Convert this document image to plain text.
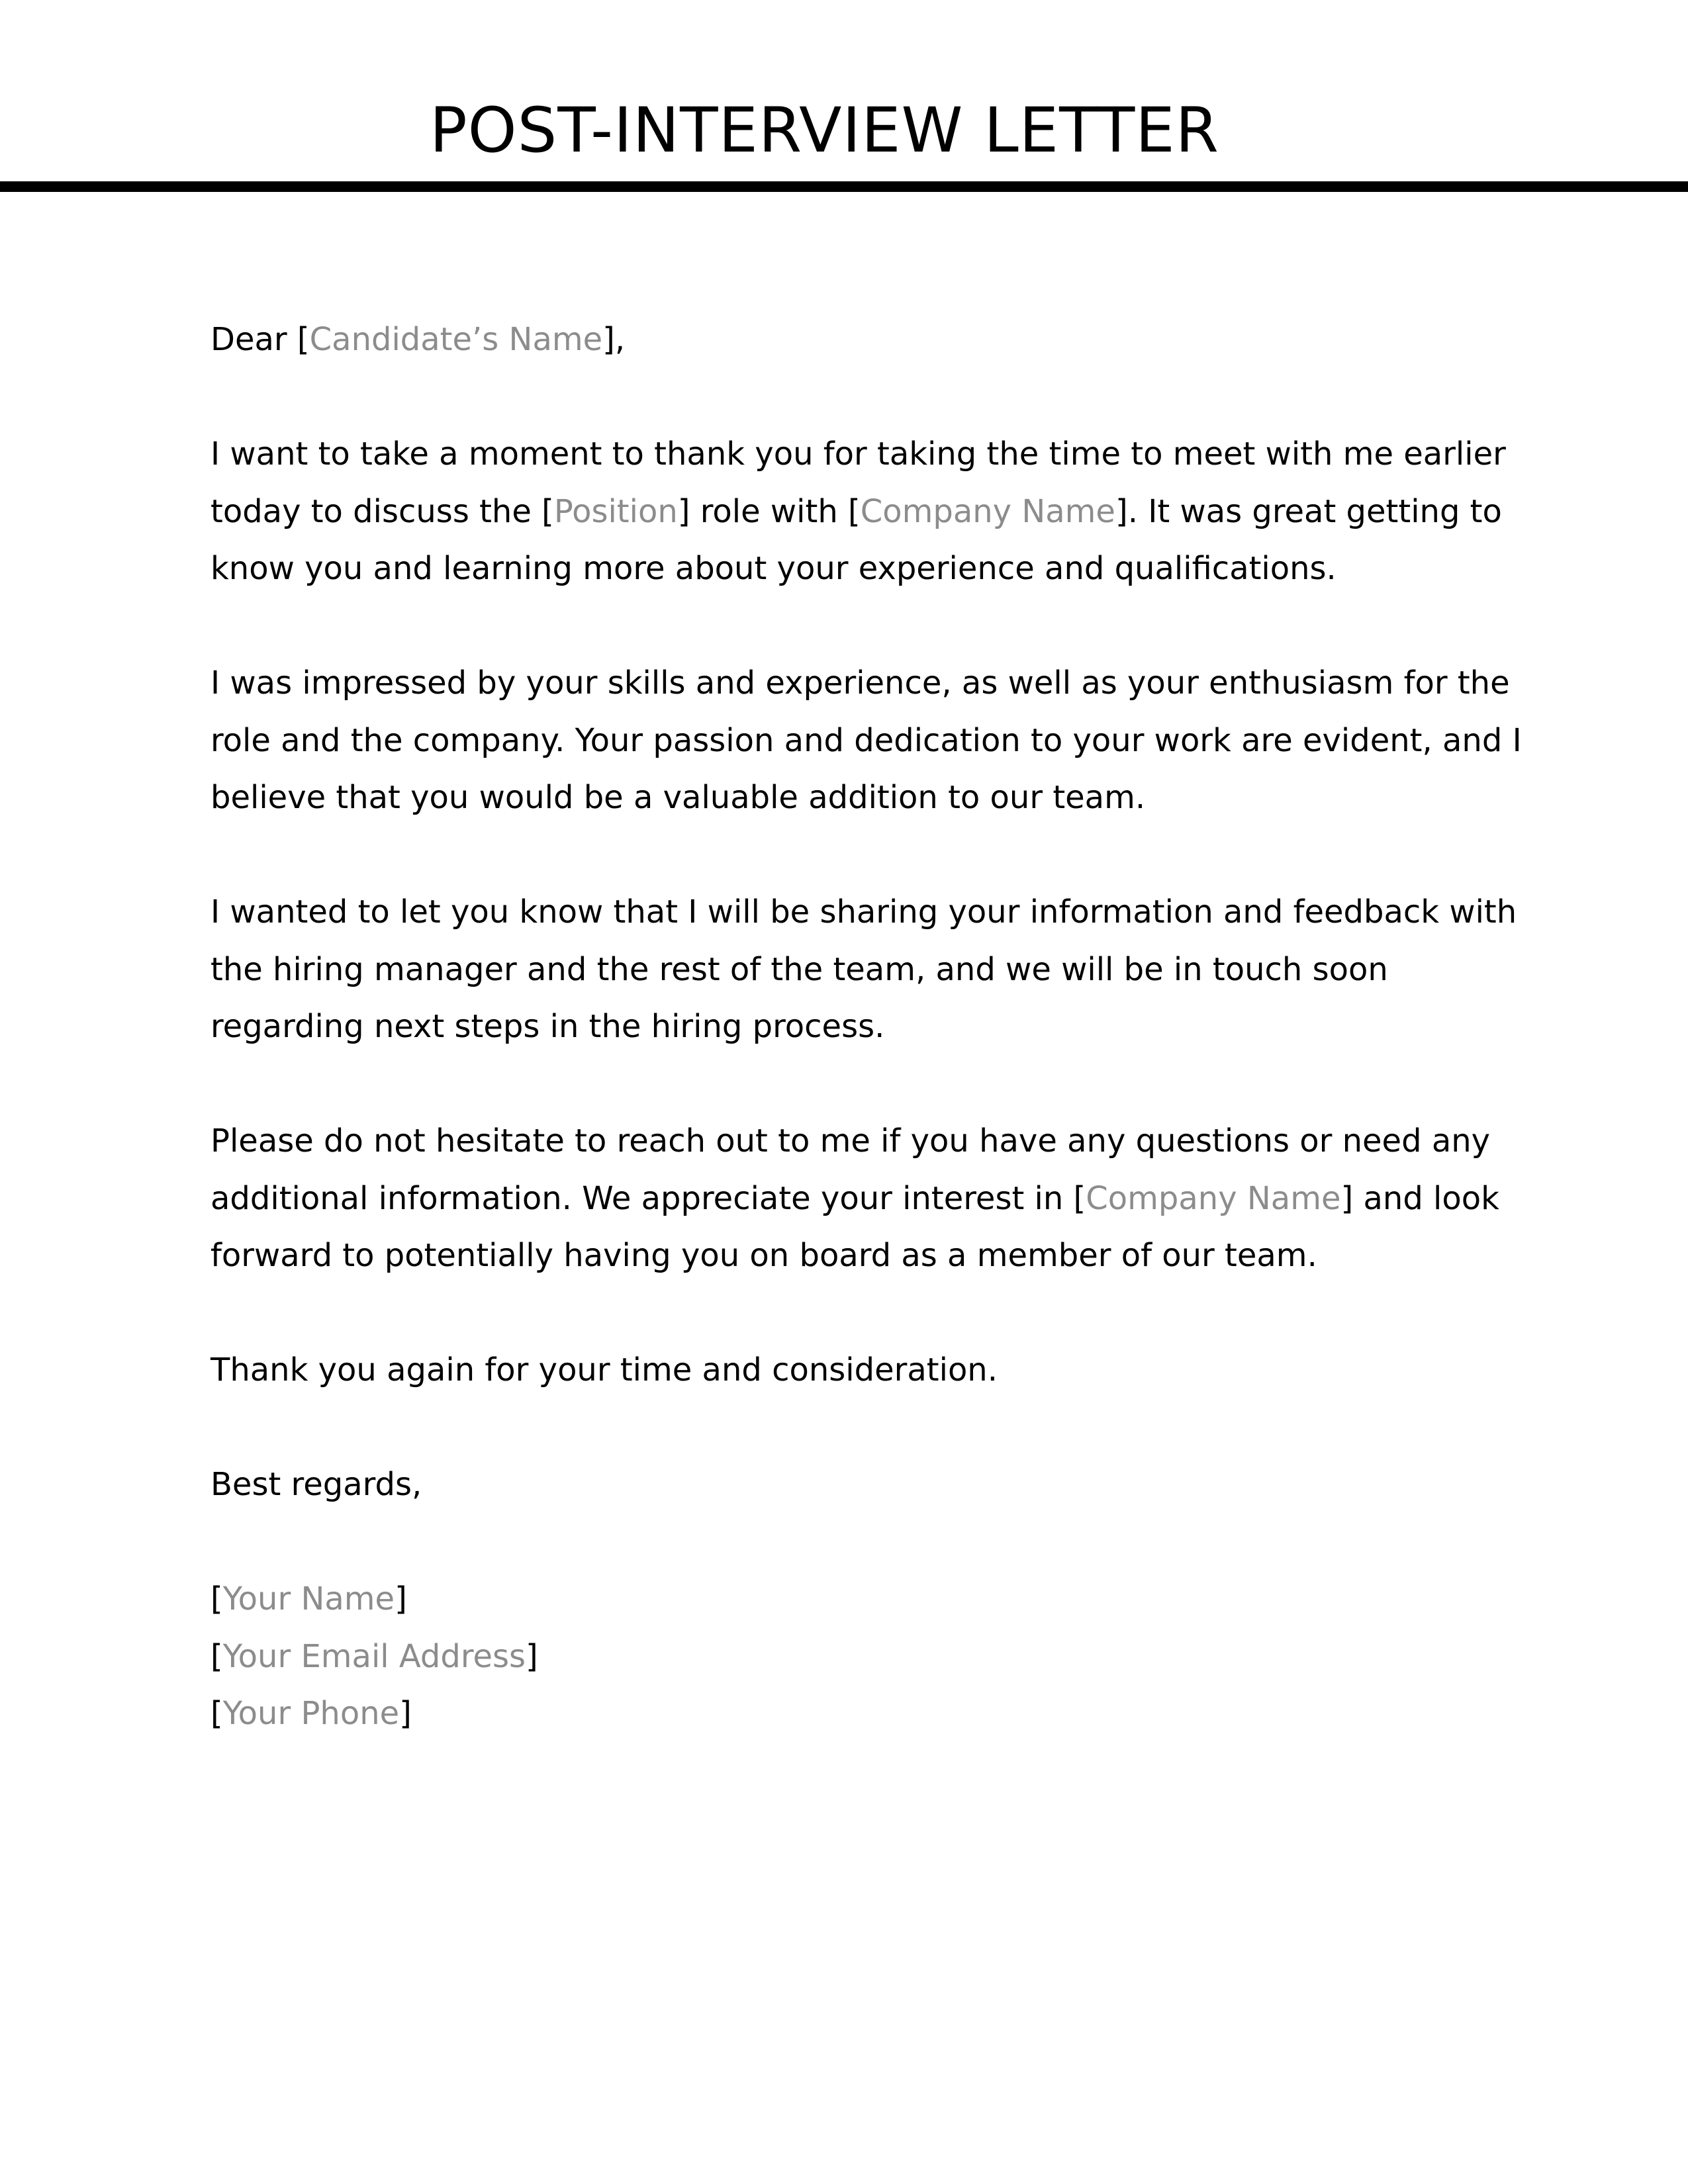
POST-INTERVIEW LETTER

Dear [Candidate’s Name],

I want to take a moment to thank you for taking the time to meet with me earlier today to discuss the [Position] role with [Company Name]. It was great getting to know you and learning more about your experience and qualifications.

I was impressed by your skills and experience, as well as your enthusiasm for the role and the company. Your passion and dedication to your work are evident, and I believe that you would be a valuable addition to our team.

I wanted to let you know that I will be sharing your information and feedback with the hiring manager and the rest of the team, and we will be in touch soon regarding next steps in the hiring process.

Please do not hesitate to reach out to me if you have any questions or need any additional information. We appreciate your interest in [Company Name] and look forward to potentially having you on board as a member of our team.

Thank you again for your time and consideration.

Best regards,

[Your Name]

[Your Email Address]

[Your Phone]
